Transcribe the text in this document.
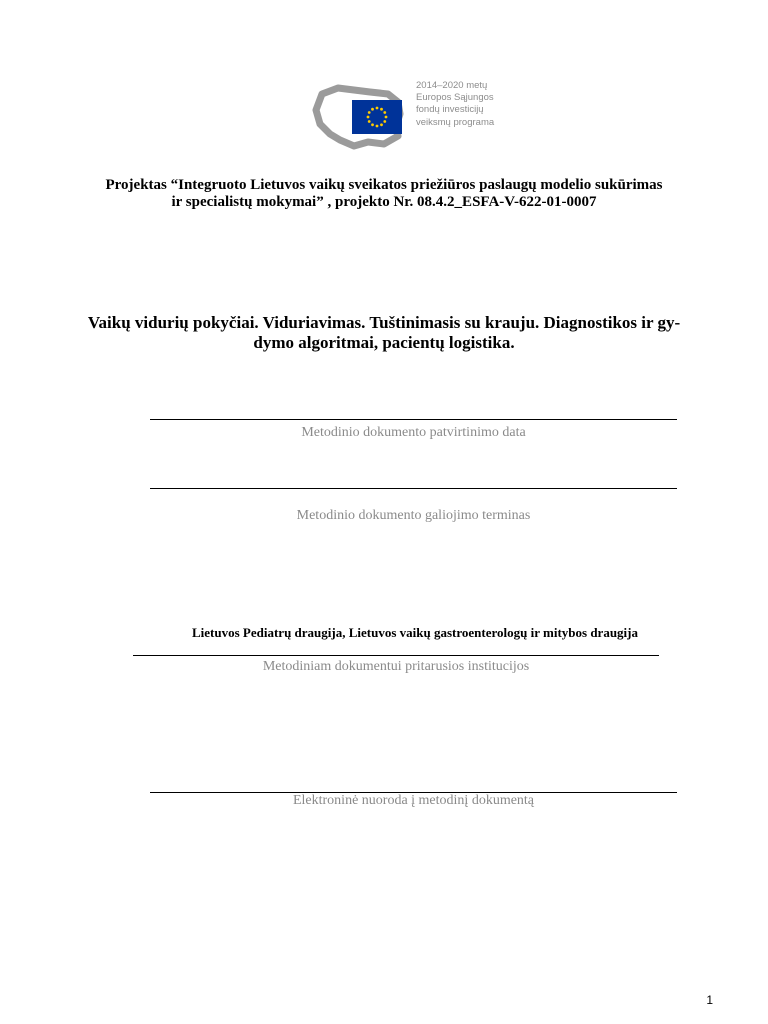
2014–2020 metų
Europos Sąjungos
fondų investicijų
veiksmų programa
Projektas “Integruoto Lietuvos vaikų sveikatos priežiūros paslaugų modelio sukūrimas
ir specialistų mokymai” , projekto Nr. 08.4.2_ESFA-V-622-01-0007
Vaikų vidurių pokyčiai. Viduriavimas. Tuštinimasis su krauju. Diagnostikos ir gy-
dymo algoritmai, pacientų logistika.
Metodinio dokumento patvirtinimo data
Metodinio dokumento galiojimo terminas
Lietuvos Pediatrų draugija, Lietuvos vaikų gastroenterologų ir mitybos draugija
Metodiniam dokumentui pritarusios institucijos
Elektroninė nuoroda į metodinį dokumentą
1
